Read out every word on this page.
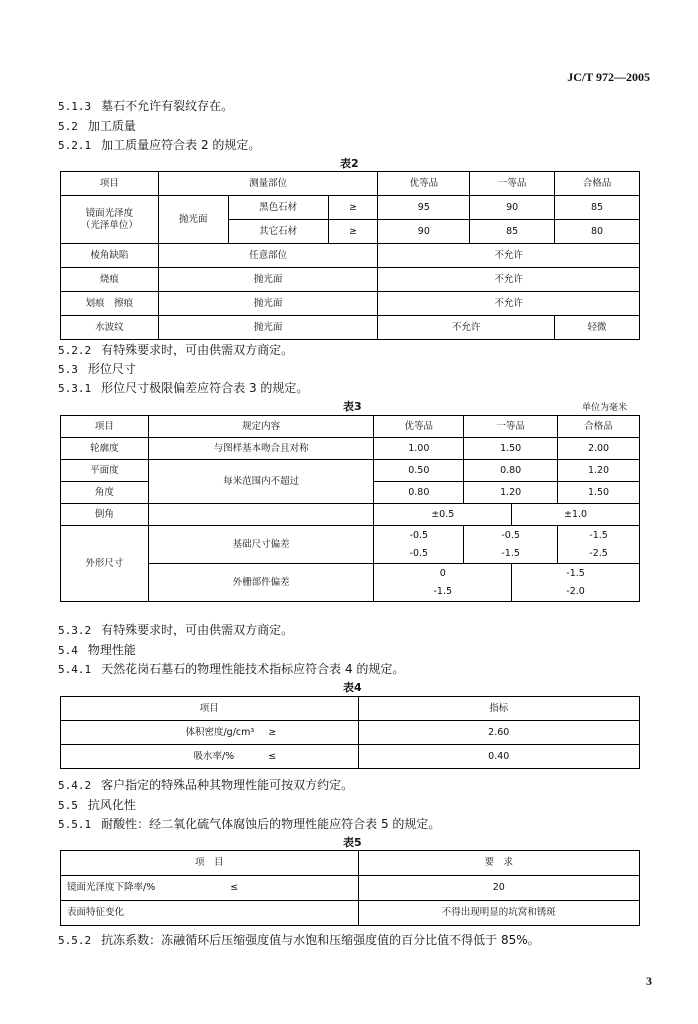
JC/T 972—2005
5.1.3 墓石不允许有裂纹存在。
5.2 加工质量
5.2.1 加工质量应符合表 2 的规定。
表2
项目	测量部位			优等品	一等品	合格品
镜面光泽度
（光泽单位）	抛光面	黑色石材	≥	95	90	85
		其它石材	≥	90	85	80
棱角缺陷	任意部位			不允许		
烧痕	抛光面			不允许		
划痕　擦痕	抛光面			不允许		
水波纹	抛光面			不允许		轻微
5.2.2 有特殊要求时，可由供需双方商定。
5.3 形位尺寸
5.3.1 形位尺寸极限偏差应符合表 3 的规定。
表3	单位为毫米
项目	规定内容	优等品	一等品		合格品
轮廓度	与图样基本吻合且对称	1.00	1.50		2.00
平面度	每米范围内不超过	0.50	0.80		1.20
角度		0.80	1.20		1.50
倒角		±0.5		±1.0	
外形尺寸	基础尺寸偏差	-0.5	-0.5		-1.5
		-0.5	-1.5		-2.5
	外栅部件偏差	0		-1.5	
		-1.5		-2.0	
5.3.2 有特殊要求时，可由供需双方商定。
5.4 物理性能
5.4.1 天然花岗石墓石的物理性能技术指标应符合表 4 的规定。
表4
项目		指标
体积密度/g/cm³	≥	2.60
吸水率/%	≤	0.40
5.4.2 客户指定的特殊品种其物理性能可按双方约定。
5.5 抗风化性
5.5.1 耐酸性：经二氧化硫气体腐蚀后的物理性能应符合表 5 的规定。
表5
项　目		要　求
镜面光泽度下降率/%	≤	20
表面特征变化		不得出现明显的坑窝和锈斑
5.5.2 抗冻系数：冻融循环后压缩强度值与水饱和压缩强度值的百分比值不得低于 85%。
3
